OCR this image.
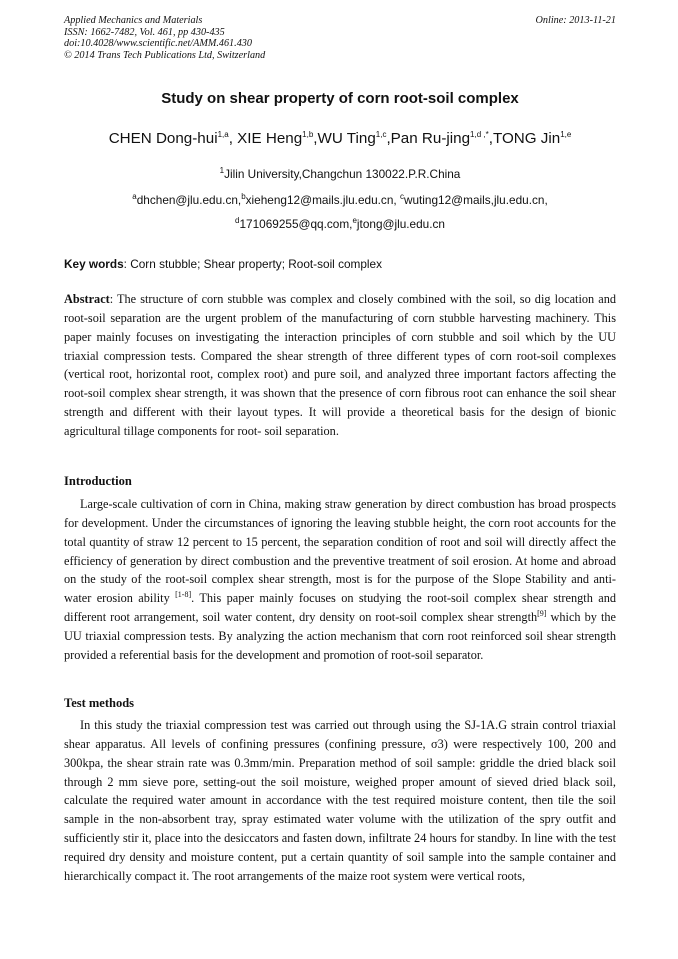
Applied Mechanics and Materials
ISSN: 1662-7482, Vol. 461, pp 430-435
doi:10.4028/www.scientific.net/AMM.461.430
© 2014 Trans Tech Publications Ltd, Switzerland
Online: 2013-11-21
Study on shear property of corn root-soil complex
CHEN Dong-hui$^{1,a}$, XIE Heng$^{1,b}$,WU Ting$^{1,c}$,Pan Ru-jing$^{1,d ,*}$,TONG Jin$^{1,e}$
$^1$Jilin University,Changchun 130022.P.R.China
$^a$dhchen@jlu.edu.cn,$^b$xieheng12@mails.jlu.edu.cn, $^c$wuting12@mails,jlu.edu.cn,
$^d$171069255@qq.com,$^e$jtong@jlu.edu.cn
Key words: Corn stubble; Shear property; Root-soil complex

Abstract: The structure of corn stubble was complex and closely combined with the soil, so dig location and root-soil separation are the urgent problem of the manufacturing of corn stubble harvesting machinery. This paper mainly focuses on investigating the interaction principles of corn stubble and soil which by the UU triaxial compression tests. Compared the shear strength of three different types of corn root-soil complexes (vertical root, horizontal root, complex root) and pure soil, and analyzed three important factors affecting the root-soil complex shear strength, it was shown that the presence of corn fibrous root can enhance the soil shear strength and different with their layout types. It will provide a theoretical basis for the design of bionic agricultural tillage components for root- soil separation.

Introduction

Large-scale cultivation of corn in China, making straw generation by direct combustion has broad prospects for development. Under the circumstances of ignoring the leaving stubble height, the corn root accounts for the total quantity of straw 12 percent to 15 percent, the separation condition of root and soil will directly affect the efficiency of generation by direct combustion and the preventive treatment of soil erosion. At home and abroad on the study of the root-soil complex shear strength, most is for the purpose of the Slope Stability and anti- water erosion ability [1-8]. This paper mainly focuses on studying the root-soil complex shear strength and different root arrangement, soil water content, dry density on root-soil complex shear strength[9] which by the UU triaxial compression tests. By analyzing the action mechanism that corn root reinforced soil shear strength provided a referential basis for the development and promotion of root-soil separator.

Test methods

In this study the triaxial compression test was carried out through using the SJ-1A.G strain control triaxial shear apparatus. All levels of confining pressures (confining pressure, σ3) were respectively 100, 200 and 300kpa, the shear strain rate was 0.3mm/min. Preparation method of soil sample: griddle the dried black soil through 2 mm sieve pore, setting-out the soil moisture, weighed proper amount of sieved dried black soil, calculate the required water amount in accordance with the test required moisture content, then tile the soil sample in the non-absorbent tray, spray estimated water volume with the utilization of the spry outfit and sufficiently stir it, place into the desiccators and fasten down, infiltrate 24 hours for standby. In line with the test required dry density and moisture content, put a certain quantity of soil sample into the sample container and hierarchically compact it. The root arrangements of the maize root system were vertical roots,
